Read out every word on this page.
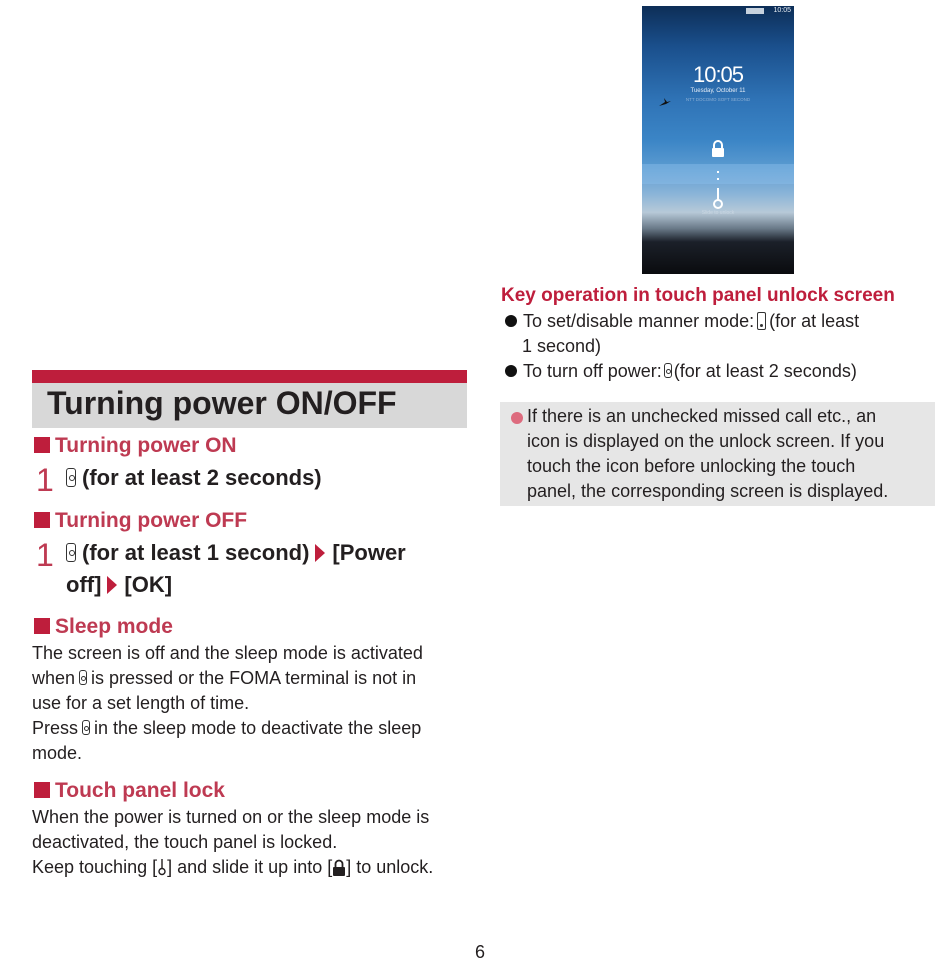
10:05
10:05
Tuesday, October 11
NTT DOCOMO SOFT SECOND
Slide to unlock
Key operation in touch panel unlock screen
To set/disable manner mode: (for at least
1 second)
To turn off power: (for at least 2 seconds)
If there is an unchecked missed call etc., an
icon is displayed on the unlock screen. If you
touch the icon before unlocking the touch
panel, the corresponding screen is displayed.
Turning power ON/OFF
Turning power ON
1	(for at least 2 seconds)
Turning power OFF
1	(for at least 1 second) [Power
off] [OK]
Sleep mode
The screen is off and the sleep mode is activated
when is pressed or the FOMA terminal is not in
use for a set length of time.
Press in the sleep mode to deactivate the sleep
mode.
Touch panel lock
When the power is turned on or the sleep mode is
deactivated, the touch panel is locked.
Keep touching [ ] and slide it up into [ ] to unlock.
6
